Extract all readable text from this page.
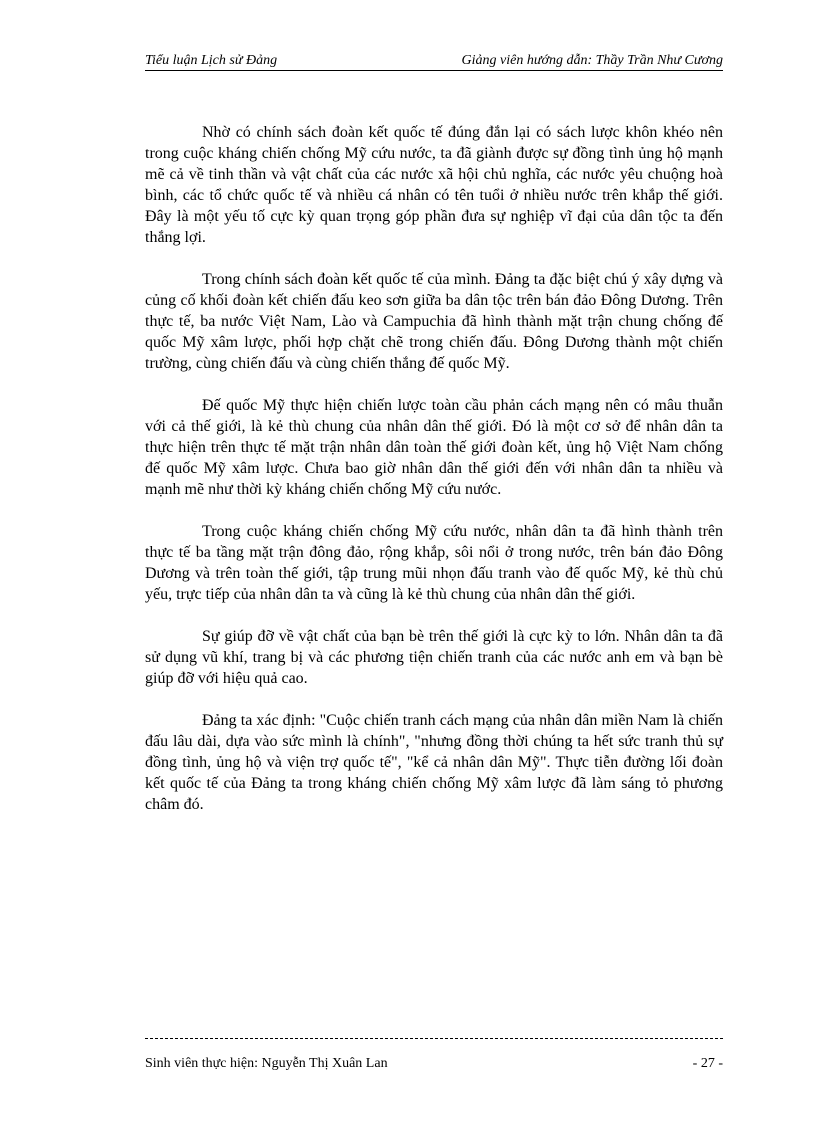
Tiểu luận Lịch sử Đảng	Giảng viên hướng dẫn: Thầy Trần Như Cương

Nhờ có chính sách đoàn kết quốc tế đúng đắn lại có sách lược khôn khéo nên trong cuộc kháng chiến chống Mỹ cứu nước, ta đã giành được sự đồng tình ủng hộ mạnh mẽ cả về tinh thần và vật chất của các nước xã hội chủ nghĩa, các nước yêu chuộng hoà bình, các tổ chức quốc tế và nhiều cá nhân có tên tuổi ở nhiều nước trên khắp thế giới. Đây là một yếu tố cực kỳ quan trọng góp phần đưa sự nghiệp vĩ đại của dân tộc ta đến thắng lợi.

Trong chính sách đoàn kết quốc tế của mình. Đảng ta đặc biệt chú ý xây dựng và củng cố khối đoàn kết chiến đấu keo sơn giữa ba dân tộc trên bán đảo Đông Dương. Trên thực tế, ba nước Việt Nam, Lào và Campuchia đã hình thành mặt trận chung chống đế quốc Mỹ xâm lược, phối hợp chặt chẽ trong chiến đấu. Đông Dương thành một chiến trường, cùng chiến đấu và cùng chiến thắng đế quốc Mỹ.

Đế quốc Mỹ thực hiện chiến lược toàn cầu phản cách mạng nên có mâu thuẫn với cả thế giới, là kẻ thù chung của nhân dân thế giới. Đó là một cơ sở để nhân dân ta thực hiện trên thực tế mặt trận nhân dân toàn thế giới đoàn kết, ủng hộ Việt Nam chống đế quốc Mỹ xâm lược. Chưa bao giờ nhân dân thế giới đến với nhân dân ta nhiều và mạnh mẽ như thời kỳ kháng chiến chống Mỹ cứu nước.

Trong cuộc kháng chiến chống Mỹ cứu nước, nhân dân ta đã hình thành trên thực tế ba tầng mặt trận đông đảo, rộng khắp, sôi nổi ở trong nước, trên bán đảo Đông Dương và trên toàn thế giới, tập trung mũi nhọn đấu tranh vào đế quốc Mỹ, kẻ thù chủ yếu, trực tiếp của nhân dân ta và cũng là kẻ thù chung của nhân dân thế giới.

Sự giúp đỡ về vật chất của bạn bè trên thế giới là cực kỳ to lớn. Nhân dân ta đã sử dụng vũ khí, trang bị và các phương tiện chiến tranh của các nước anh em và bạn bè giúp đỡ với hiệu quả cao.

Đảng ta xác định: "Cuộc chiến tranh cách mạng của nhân dân miền Nam là chiến đấu lâu dài, dựa vào sức mình là chính", "nhưng đồng thời chúng ta hết sức tranh thủ sự đồng tình, ủng hộ và viện trợ quốc tế", "kể cả nhân dân Mỹ". Thực tiễn đường lối đoàn kết quốc tế của Đảng ta trong kháng chiến chống Mỹ xâm lược đã làm sáng tỏ phương châm đó.

Sinh viên thực hiện: Nguyễn Thị Xuân Lan	- 27 -
